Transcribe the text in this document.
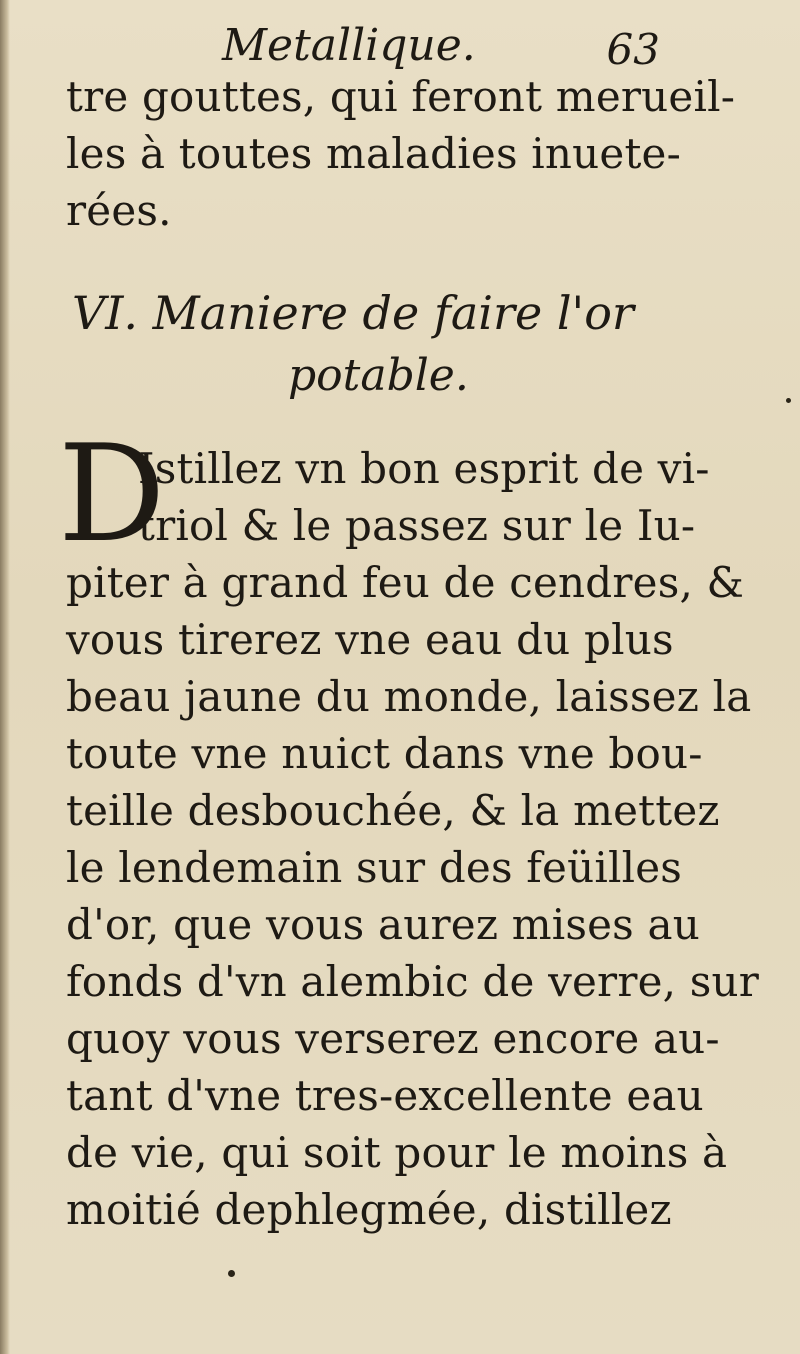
Metallique.	63
tre gouttes, qui feront merueil-
les à toutes maladies inuete-
rées.
VI. Maniere de faire l'or
potable.
D
Istillez vn bon esprit de vi-
triol & le passez sur le Iu-
piter à grand feu de cendres, &
vous tirerez vne eau du plus
beau jaune du monde, laissez la
toute vne nuict dans vne bou-
teille desbouchée, & la mettez
le lendemain sur des feüilles
d'or, que vous aurez mises au
fonds d'vn alembic de verre, sur
quoy vous verserez encore au-
tant d'vne tres-excellente eau
de vie, qui soit pour le moins à
moitié dephlegmée, distillez
